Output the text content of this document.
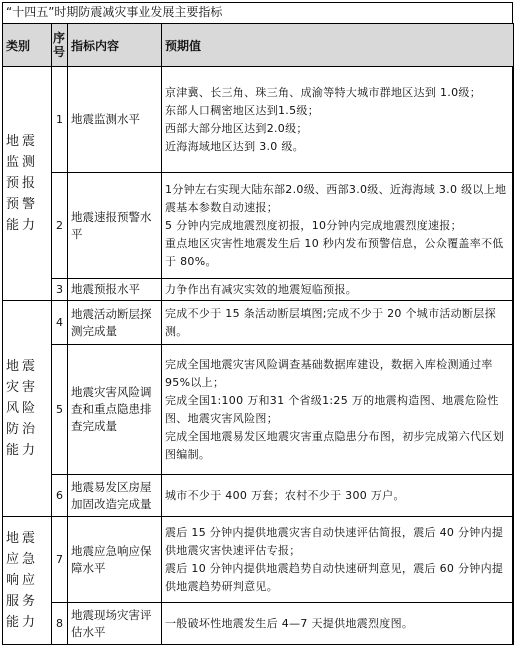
“十四五”时期防震减灾事业发展主要指标
类别	序号	指标内容	预期值
地震监测预报预警能力	1	地震监测水平	京津冀、长三角、珠三角、成渝等特大城市群地区达到 1.0级；
东部人口稠密地区达到1.5级；
西部大部分地区达到2.0级；
近海海域地区达到 3.0 级。

	2	地震速报预警水平	1分钟左右实现大陆东部2.0级、西部3.0级、近海海域 3.0 级以上地震基本参数自动速报；
5 分钟内完成地震烈度初报，10分钟内完成地震烈度速报；
重点地区灾害性地震发生后 10 秒内发布预警信息，公众覆盖率不低于 80%。

	3	地震预报水平	力争作出有减灾实效的地震短临预报。

地震灾害风险防治能力	4	地震活动断层探测完成量	完成不少于 15 条活动断层填图;完成不少于 20 个城市活动断层探测。

	5	地震灾害风险调查和重点隐患排查完成量	完成全国地震灾害风险调查基础数据库建设，数据入库检测通过率 95%以上；
完成全国1:100 万和31 个省级1:25 万的地震构造图、地震危险性图、地震灾害风险图；
完成全国地震易发区地震灾害重点隐患分布图，初步完成第六代区划图编制。

	6	地震易发区房屋加固改造完成量	城市不少于 400 万套；农村不少于 300 万户。

地震应急响应服务能力	7	地震应急响应保障水平	震后 15 分钟内提供地震灾害自动快速评估简报，震后 40 分钟内提供地震灾害快速评估专报；
震后 10 分钟内提供地震趋势自动快速研判意见，震后 60 分钟内提供地震趋势研判意见。

	8	地震现场灾害评估水平	一般破坏性地震发生后 4—7 天提供地震烈度图。
